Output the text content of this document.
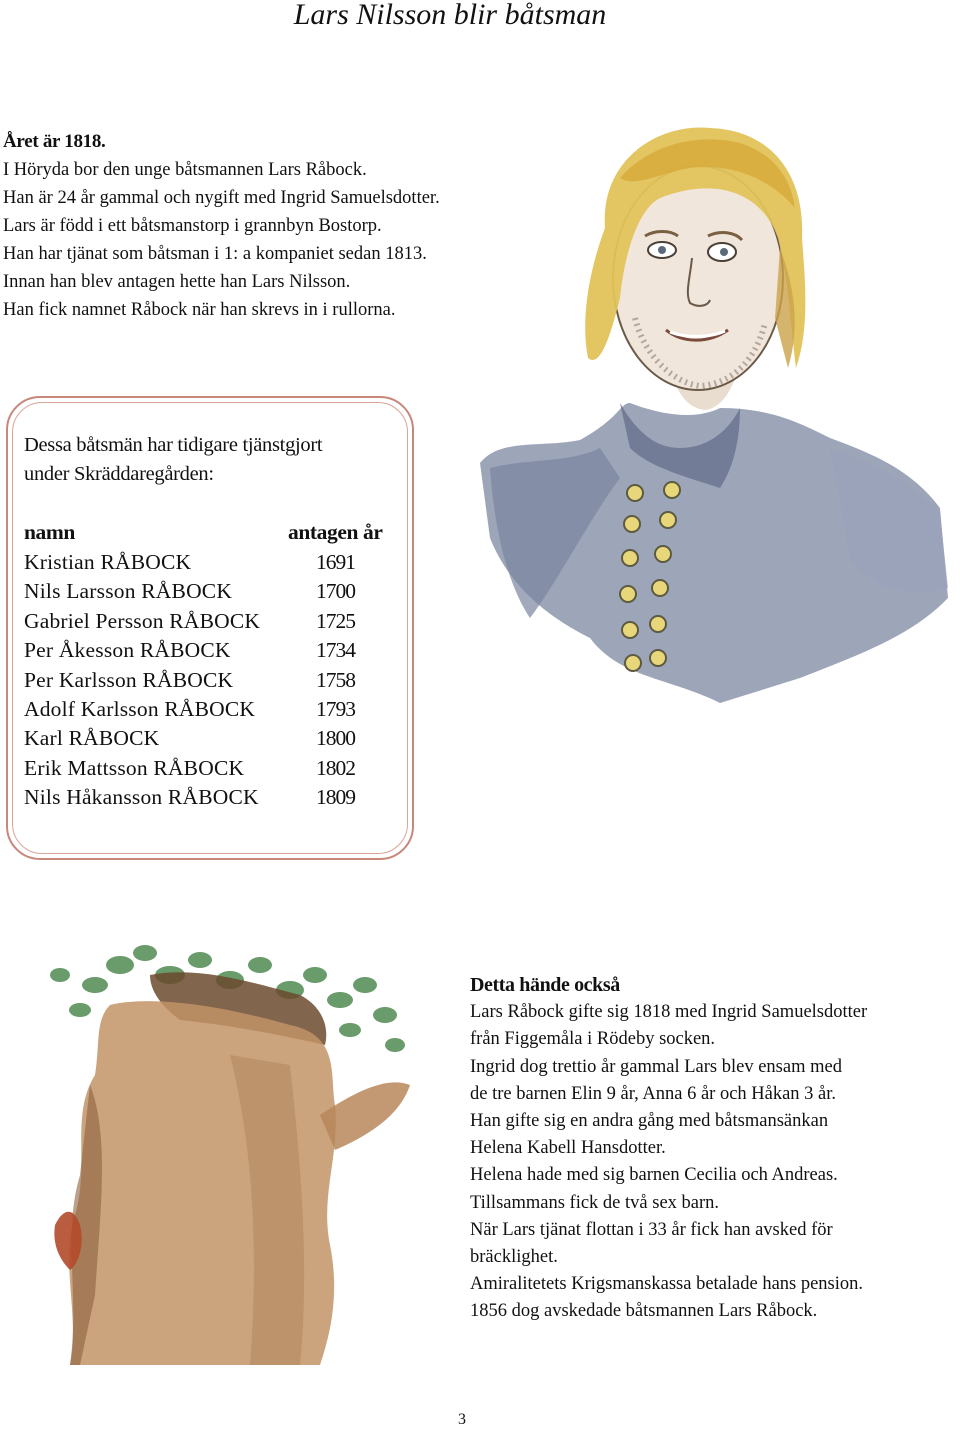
Lars Nilsson blir båtsman
Året är 1818.
I Höryda bor den unge båtsmannen Lars Råbock.
Han är 24 år gammal och nygift med Ingrid Samuelsdotter.
Lars är född i ett båtsmanstorp i grannbyn Bostorp.
Han har tjänat som båtsman i 1: a kompaniet sedan 1813.
Innan han blev antagen hette han Lars Nilsson.
Han fick namnet Råbock när han skrevs in i rullorna.
Dessa båtsmän har tidigare tjänstgjort
under Skräddaregården:
namn	antagen år
Kristian RÅBOCK	1691
Nils Larsson RÅBOCK	1700
Gabriel Persson RÅBOCK	1725
Per Åkesson RÅBOCK	1734
Per Karlsson RÅBOCK	1758
Adolf Karlsson RÅBOCK	1793
Karl RÅBOCK	1800
Erik Mattsson RÅBOCK	1802
Nils Håkansson RÅBOCK	1809
Detta hände också
Lars Råbock gifte sig 1818 med Ingrid Samuelsdotter
från Figgemåla i Rödeby socken.
Ingrid dog trettio år gammal Lars blev ensam med
de tre barnen Elin 9 år, Anna 6 år och Håkan 3 år.
Han gifte sig en andra gång med båtsmansänkan
Helena Kabell Hansdotter.
Helena hade med sig barnen Cecilia och Andreas.
Tillsammans fick de två sex barn.
När Lars tjänat flottan i 33 år fick han avsked för
bräcklighet.
Amiralitetets Krigsmanskassa betalade hans pension.
1856 dog avskedade båtsmannen Lars Råbock.
3
